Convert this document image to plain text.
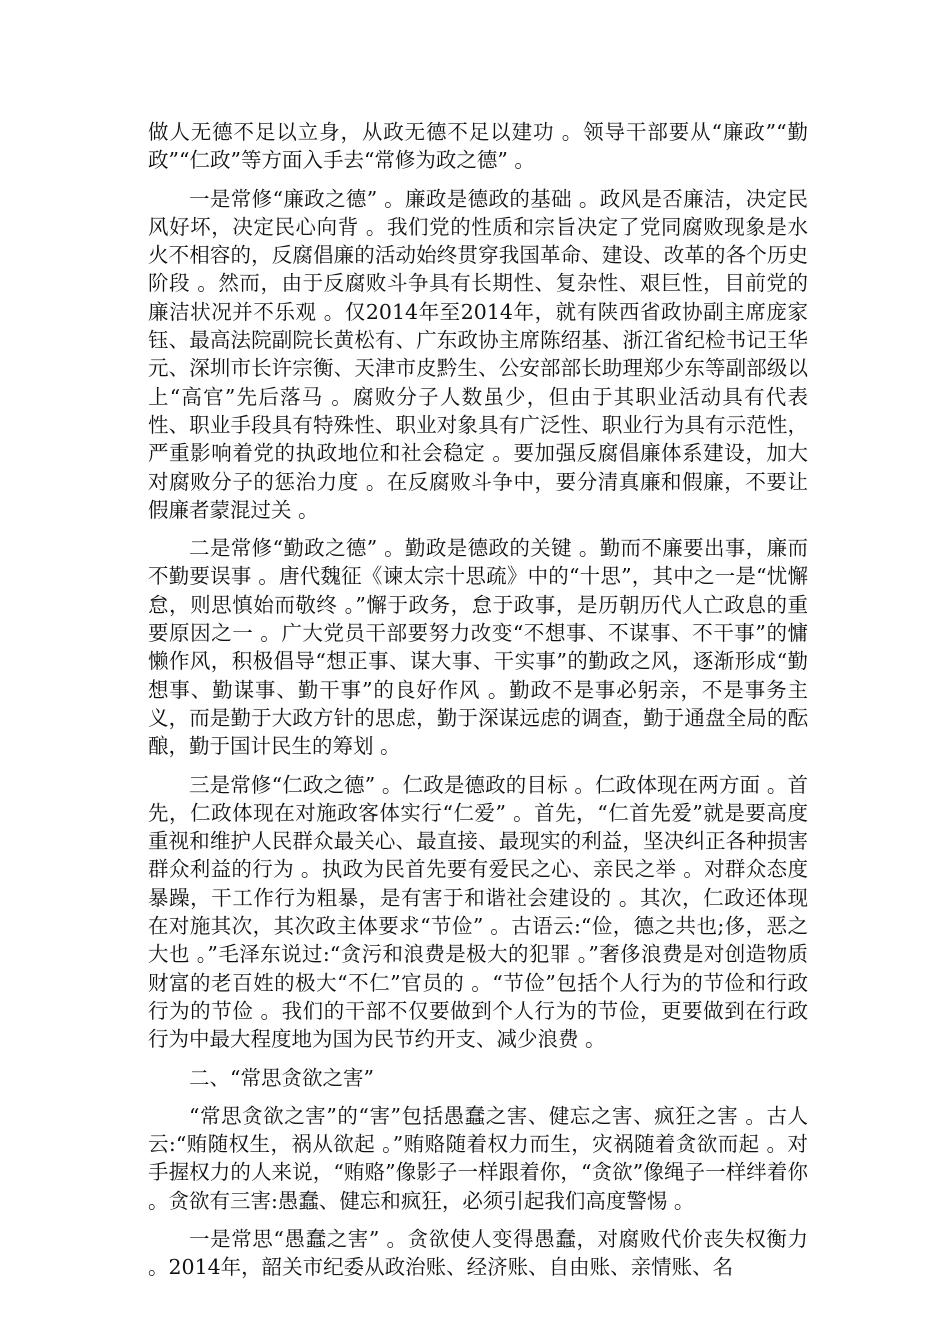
做人无德不足以立身，从政无德不足以建功 。领导干部要从“廉政”“勤政”“仁政”等方面入手去“常修为政之德” 。

一是常修“廉政之德” 。廉政是德政的基础 。政风是否廉洁，决定民风好坏，决定民心向背 。我们党的性质和宗旨决定了党同腐败现象是水火不相容的，反腐倡廉的活动始终贯穿我国革命、建设、改革的各个历史阶段 。然而，由于反腐败斗争具有长期性、复杂性、艰巨性，目前党的廉洁状况并不乐观 。仅2014年至2014年，就有陕西省政协副主席庞家钰、最高法院副院长黄松有、广东政协主席陈绍基、浙江省纪检书记王华元、深圳市长许宗衡、天津市皮黔生、公安部部长助理郑少东等副部级以上“高官”先后落马 。腐败分子人数虽少，但由于其职业活动具有代表性、职业手段具有特殊性、职业对象具有广泛性、职业行为具有示范性，严重影响着党的执政地位和社会稳定 。要加强反腐倡廉体系建设，加大对腐败分子的惩治力度 。在反腐败斗争中，要分清真廉和假廉，不要让假廉者蒙混过关 。

二是常修“勤政之德” 。勤政是德政的关键 。勤而不廉要出事，廉而不勤要误事 。唐代魏征《谏太宗十思疏》中的“十思”，其中之一是“忧懈怠，则思慎始而敬终 。”懈于政务，怠于政事，是历朝历代人亡政息的重要原因之一 。广大党员干部要努力改变“不想事、不谋事、不干事”的慵懒作风，积极倡导“想正事、谋大事、干实事”的勤政之风，逐渐形成“勤想事、勤谋事、勤干事”的良好作风 。勤政不是事必躬亲，不是事务主义，而是勤于大政方针的思虑，勤于深谋远虑的调查，勤于通盘全局的酝酿，勤于国计民生的筹划 。

三是常修“仁政之德” 。仁政是德政的目标 。仁政体现在两方面 。首先，仁政体现在对施政客体实行“仁爱” 。首先，“仁首先爱”就是要高度重视和维护人民群众最关心、最直接、最现实的利益，坚决纠正各种损害群众利益的行为 。执政为民首先要有爱民之心、亲民之举 。对群众态度暴躁，干工作行为粗暴，是有害于和谐社会建设的 。其次，仁政还体现在对施其次，其次政主体要求“节俭” 。古语云:“俭，德之共也;侈，恶之大也 。”毛泽东说过:“贪污和浪费是极大的犯罪 。”奢侈浪费是对创造物质财富的老百姓的极大“不仁”官员的 。“节俭”包括个人行为的节俭和行政行为的节俭 。我们的干部不仅要做到个人行为的节俭，更要做到在行政行为中最大程度地为国为民节约开支、减少浪费 。

二、“常思贪欲之害”

“常思贪欲之害”的“害”包括愚蠢之害、健忘之害、疯狂之害 。古人云:“贿随权生，祸从欲起 。”贿赂随着权力而生，灾祸随着贪欲而起 。对手握权力的人来说，“贿赂”像影子一样跟着你，“贪欲”像绳子一样绊着你 。贪欲有三害:愚蠢、健忘和疯狂，必须引起我们高度警惕 。

一是常思“愚蠢之害” 。贪欲使人变得愚蠢，对腐败代价丧失权衡力 。2014年，韶关市纪委从政治账、经济账、自由账、亲情账、名
